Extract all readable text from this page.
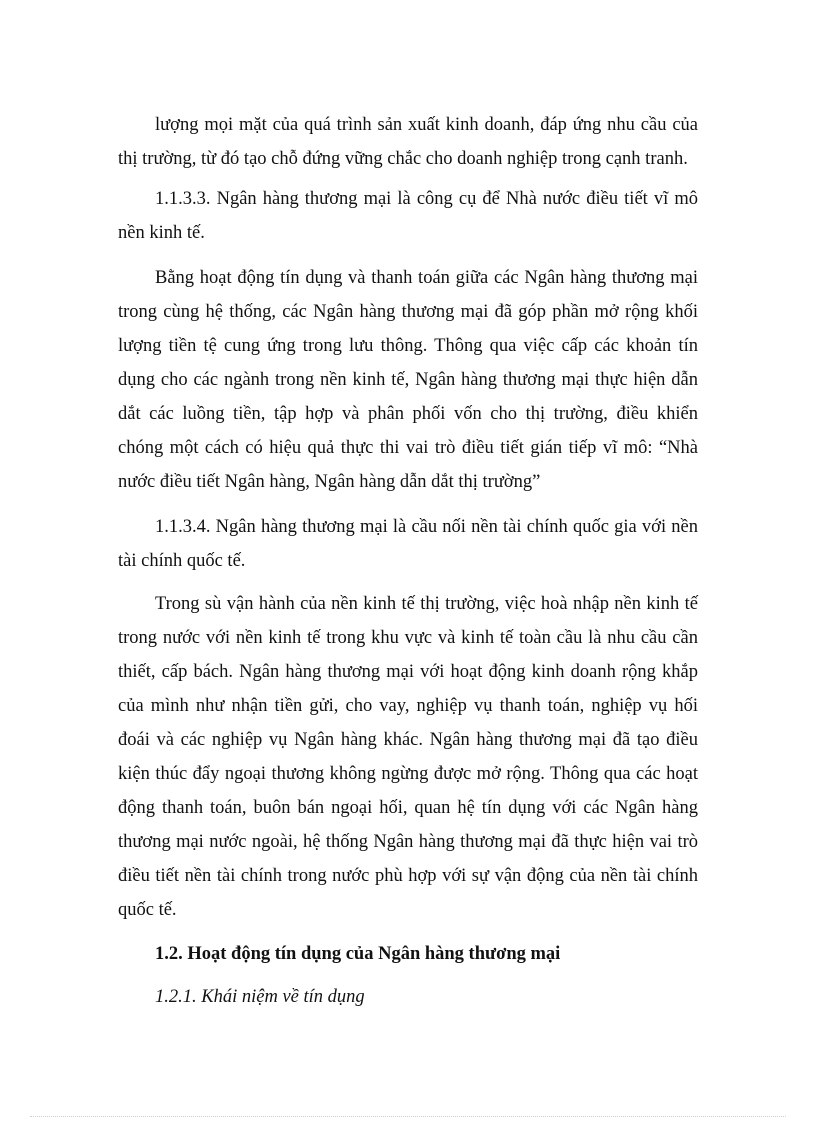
lượng mọi mặt của quá trình sản xuất kinh doanh, đáp ứng nhu cầu của
thị trường, từ đó tạo chỗ đứng vững chắc cho doanh nghiệp trong cạnh tranh.
1.1.3.3. Ngân hàng thương mại là công cụ để Nhà nước điều tiết vĩ mô
nền kinh tế.
Bằng hoạt động tín dụng và thanh toán giữa các Ngân hàng thương mại
trong cùng hệ thống, các Ngân hàng thương mại đã góp phần mở rộng khối
lượng tiền tệ cung ứng trong lưu thông. Thông qua việc cấp các khoản tín
dụng cho các ngành trong nền kinh tế, Ngân hàng thương mại thực hiện dẫn
dắt các luồng tiền, tập hợp và phân phối vốn cho thị trường, điều khiển
chóng một cách có hiệu quả thực thi vai trò điều tiết gián tiếp vĩ mô: “Nhà
nước điều tiết Ngân hàng, Ngân hàng dẫn dắt thị trường”
1.1.3.4. Ngân hàng thương mại là cầu nối nền tài chính quốc gia với nền
tài chính quốc tế.
Trong sù vận hành của nền kinh tế thị trường, việc hoà nhập nền kinh tế
trong nước với nền kinh tế trong khu vực và kinh tế toàn cầu là nhu cầu cần
thiết, cấp bách. Ngân hàng thương mại với hoạt động kinh doanh rộng khắp
của mình như nhận tiền gửi, cho vay, nghiệp vụ thanh toán, nghiệp vụ hối
đoái và các nghiệp vụ Ngân hàng khác. Ngân hàng thương mại đã tạo điều
kiện thúc đẩy ngoại thương không ngừng được mở rộng. Thông qua các hoạt
động thanh toán, buôn bán ngoại hối, quan hệ tín dụng với các Ngân hàng
thương mại nước ngoài, hệ thống Ngân hàng thương mại đã thực hiện vai trò
điều tiết nền tài chính trong nước phù hợp với sự vận động của nền tài chính
quốc tế.
1.2. Hoạt động tín dụng của Ngân hàng thương mại
1.2.1. Khái niệm về tín dụng
